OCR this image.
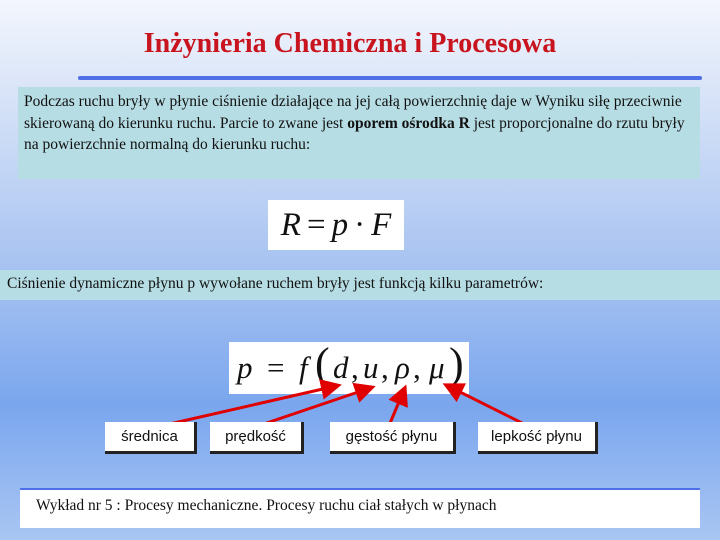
Inżynieria Chemiczna i Procesowa
Podczas ruchu bryły w płynie ciśnienie działające na jej całą powierzchnię daje w Wyniku siłę przeciwnie skierowaną do kierunku ruchu. Parcie to zwane jest oporem ośrodka R jest proporcjonalne do rzutu bryły na powierzchnie normalną do kierunku ruchu:
R = p · F
Ciśnienie dynamiczne płynu p wywołane ruchem bryły jest funkcją kilku parametrów:
p = f ( d , u , ρ , μ )
średnica	prędkość	gęstość płynu	lepkość płynu
Wykład nr 5 : Procesy mechaniczne. Procesy ruchu ciał stałych w płynach
